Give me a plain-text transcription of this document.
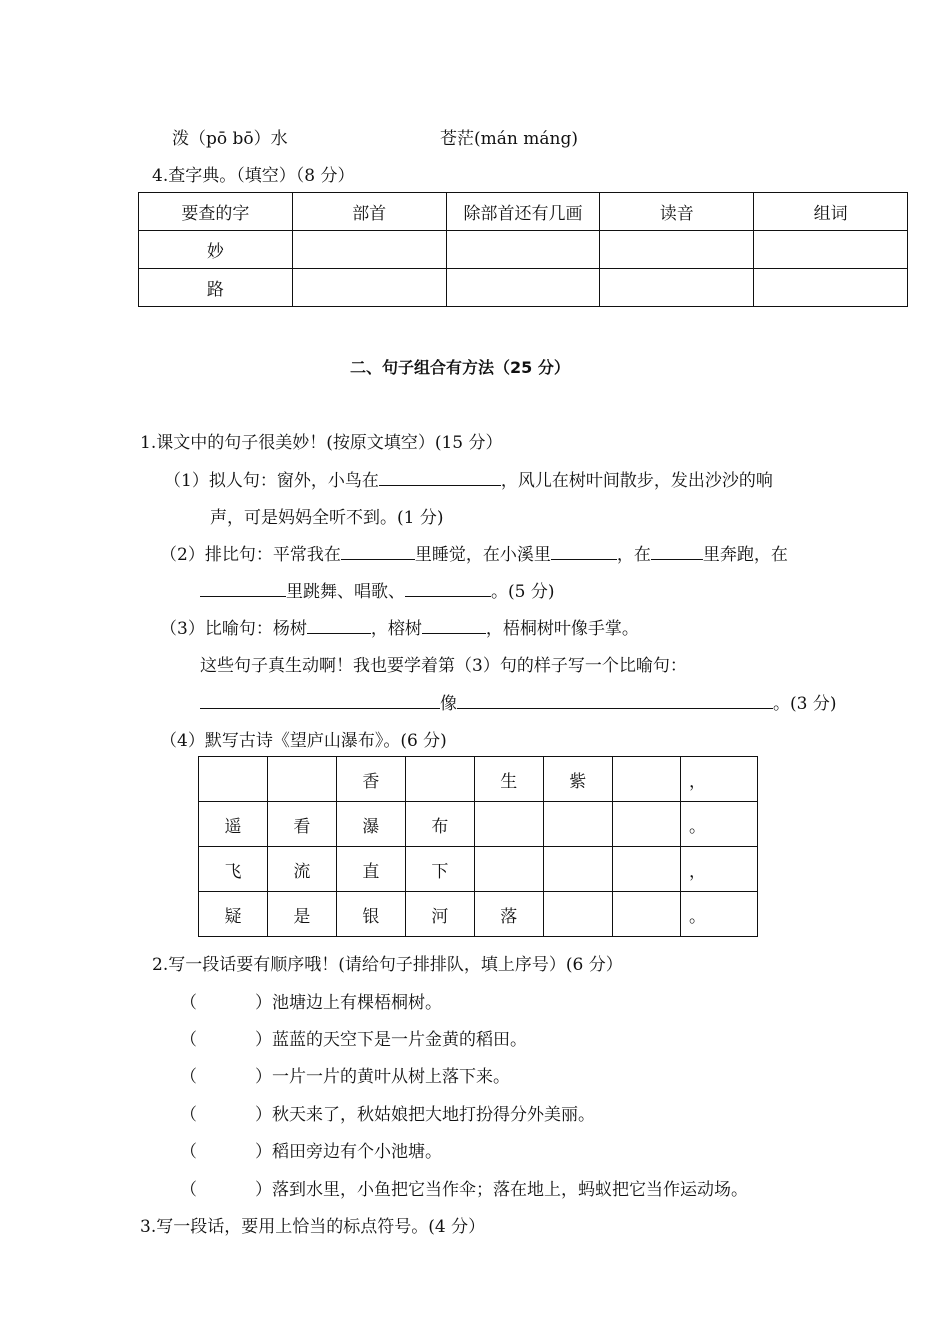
泼（pō bō）水	苍茫(mán máng)
4.查字典。（填空）（8 分）
要查的字	部首	除部首还有几画	读音	组词
妙				
路				
二、句子组合有方法（25 分）
1.课文中的句子很美妙！(按原文填空）(15 分）
（1）拟人句：窗外，小鸟在	，风儿在树叶间散步，发出沙沙的响
声，可是妈妈全听不到。(1 分)
（2）排比句：平常我在	里睡觉，在小溪里	，在	里奔跑，在
里跳舞、唱歌、	。(5 分)
（3）比喻句：杨树	，榕树	，梧桐树叶像手掌。
这些句子真生动啊！我也要学着第（3）句的样子写一个比喻句：
像	。(3 分)
（4）默写古诗《望庐山瀑布》。(6 分)
		香		生	紫		，
遥	看	瀑	布				。
飞	流	直	下				，
疑	是	银	河	落			。
2.写一段话要有顺序哦！(请给句子排排队，填上序号）(6 分）
（	）池塘边上有棵梧桐树。
（	）蓝蓝的天空下是一片金黄的稻田。
（	）一片一片的黄叶从树上落下来。
（	）秋天来了，秋姑娘把大地打扮得分外美丽。
（	）稻田旁边有个小池塘。
（	）落到水里，小鱼把它当作伞；落在地上，蚂蚁把它当作运动场。
3.写一段话，要用上恰当的标点符号。(4 分）
